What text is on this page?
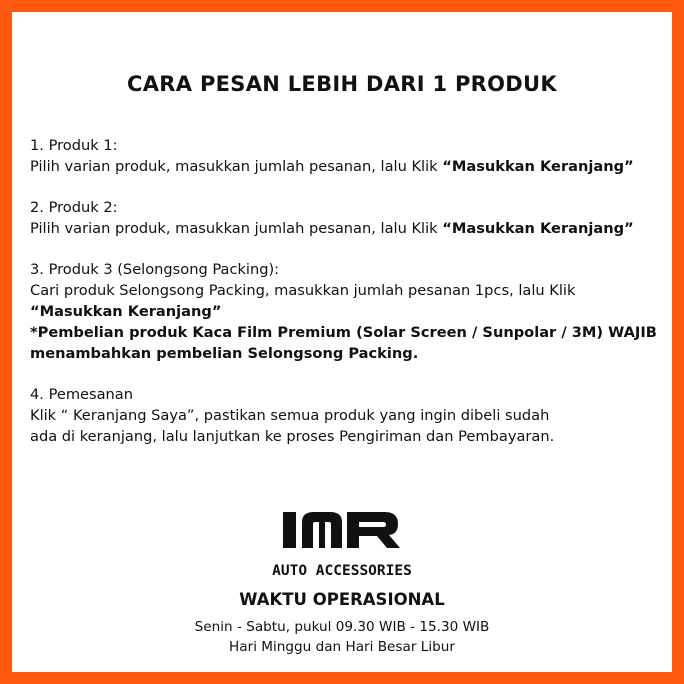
CARA PESAN LEBIH DARI 1 PRODUK

1. Produk 1:

Pilih varian produk, masukkan jumlah pesanan, lalu Klik “Masukkan Keranjang”

2. Produk 2:

Pilih varian produk, masukkan jumlah pesanan, lalu Klik “Masukkan Keranjang”

3. Produk 3 (Selongsong Packing):

Cari produk Selongsong Packing, masukkan jumlah pesanan 1pcs, lalu Klik

“Masukkan Keranjang”

*Pembelian produk Kaca Film Premium (Solar Screen / Sunpolar / 3M) WAJIB

menambahkan pembelian Selongsong Packing.

4. Pemesanan

Klik “ Keranjang Saya”, pastikan semua produk yang ingin dibeli sudah

ada di keranjang, lalu lanjutkan ke proses Pengiriman dan Pembayaran.

AUTO ACCESSORIES

WAKTU OPERASIONAL

Senin - Sabtu, pukul 09.30 WIB - 15.30 WIB

Hari Minggu dan Hari Besar Libur
